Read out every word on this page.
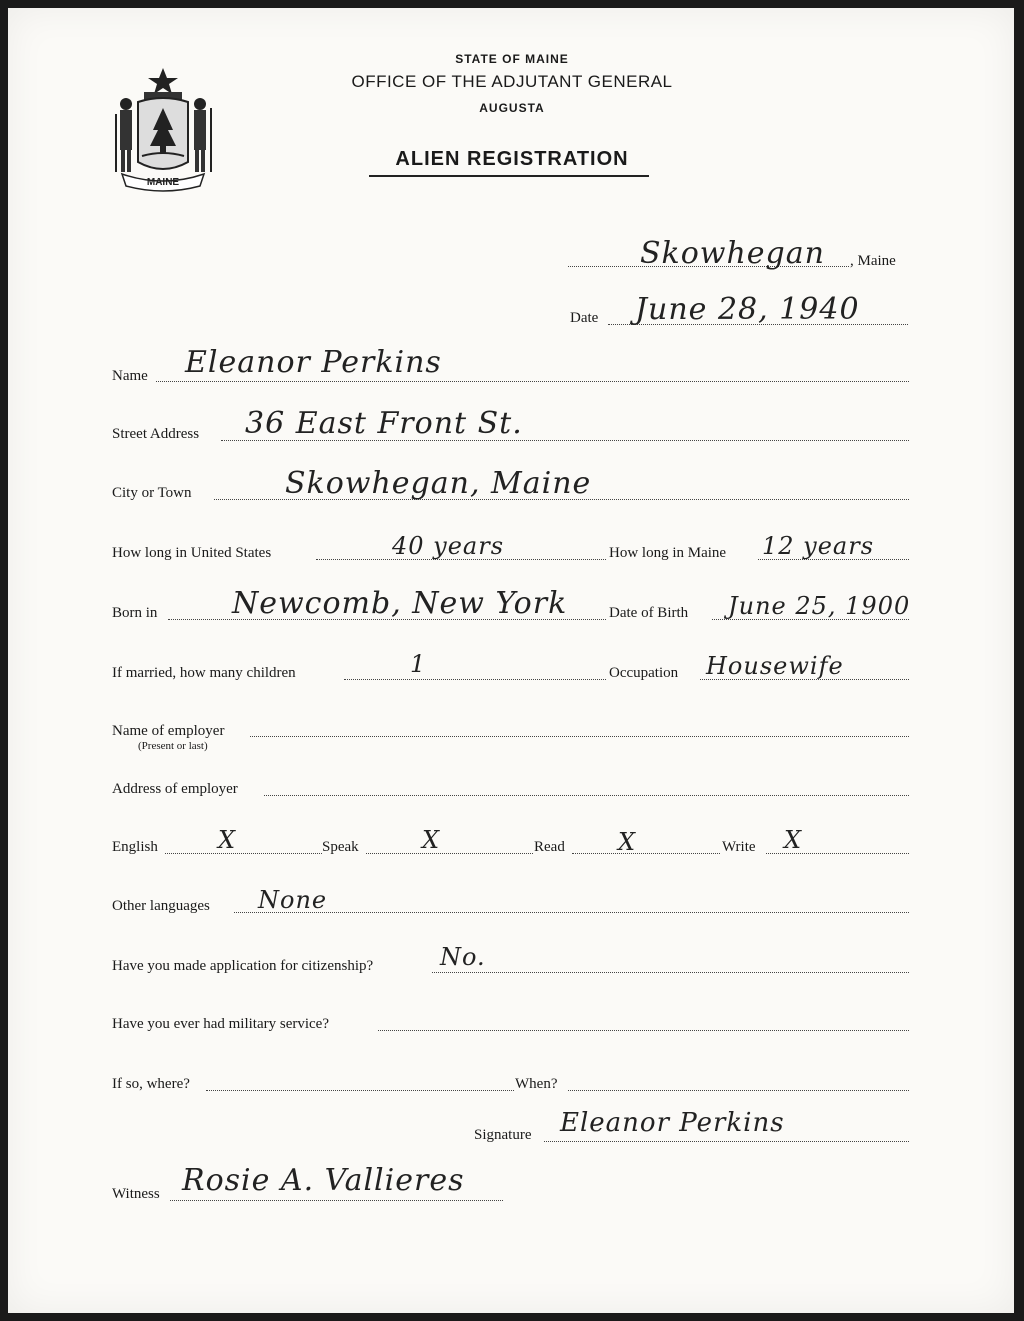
MAINE
STATE OF MAINE
OFFICE OF THE ADJUTANT GENERAL
AUGUSTA
ALIEN REGISTRATION
Skowhegan , Maine
Date June 28, 1940
Name Eleanor Perkins
Street Address 36 East Front St.
City or Town	Skowhegan, Maine
How long in United States	40 years	How long in Maine 12 years
Born in Newcomb, New York	Date of Birth June 25, 1900
If married, how many children	1	Occupation Housewife
Name of employer
(Present or last)
Address of employer
English	X	Speak	X	Read X	Write X
Other languages None
Have you made application for citizenship?	No.
Have you ever had military service?
If so, where?	When?
Signature Eleanor Perkins
Witness Rosie A. Vallieres
